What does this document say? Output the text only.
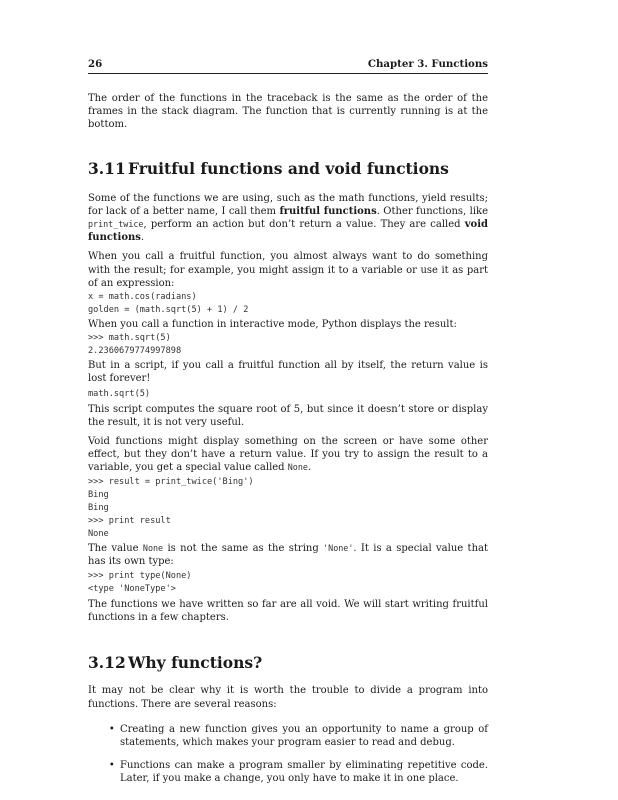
26	Chapter 3. Functions

The order of the functions in the traceback is the same as the order of the frames in the stack diagram. The function that is currently running is at the bottom.

3.11 Fruitful functions and void functions

Some of the functions we are using, such as the math functions, yield results; for lack of a better name, I call them fruitful functions. Other functions, like print_twice, perform an action but don’t return a value. They are called void functions.

When you call a fruitful function, you almost always want to do something with the result; for example, you might assign it to a variable or use it as part of an expression:

x = math.cos(radians)
golden = (math.sqrt(5) + 1) / 2

When you call a function in interactive mode, Python displays the result:

>>> math.sqrt(5)
2.2360679774997898

But in a script, if you call a fruitful function all by itself, the return value is lost forever!

math.sqrt(5)

This script computes the square root of 5, but since it doesn’t store or display the result, it is not very useful.

Void functions might display something on the screen or have some other effect, but they don’t have a return value. If you try to assign the result to a variable, you get a special value called None.

>>> result = print_twice('Bing')
Bing
Bing
>>> print result
None

The value None is not the same as the string 'None'. It is a special value that has its own type:

>>> print type(None)
<type 'NoneType'>

The functions we have written so far are all void. We will start writing fruitful functions in a few chapters.

3.12 Why functions?

It may not be clear why it is worth the trouble to divide a program into functions. There are several reasons:

• Creating a new function gives you an opportunity to name a group of statements, which makes your program easier to read and debug.
• Functions can make a program smaller by eliminating repetitive code. Later, if you make a change, you only have to make it in one place.
